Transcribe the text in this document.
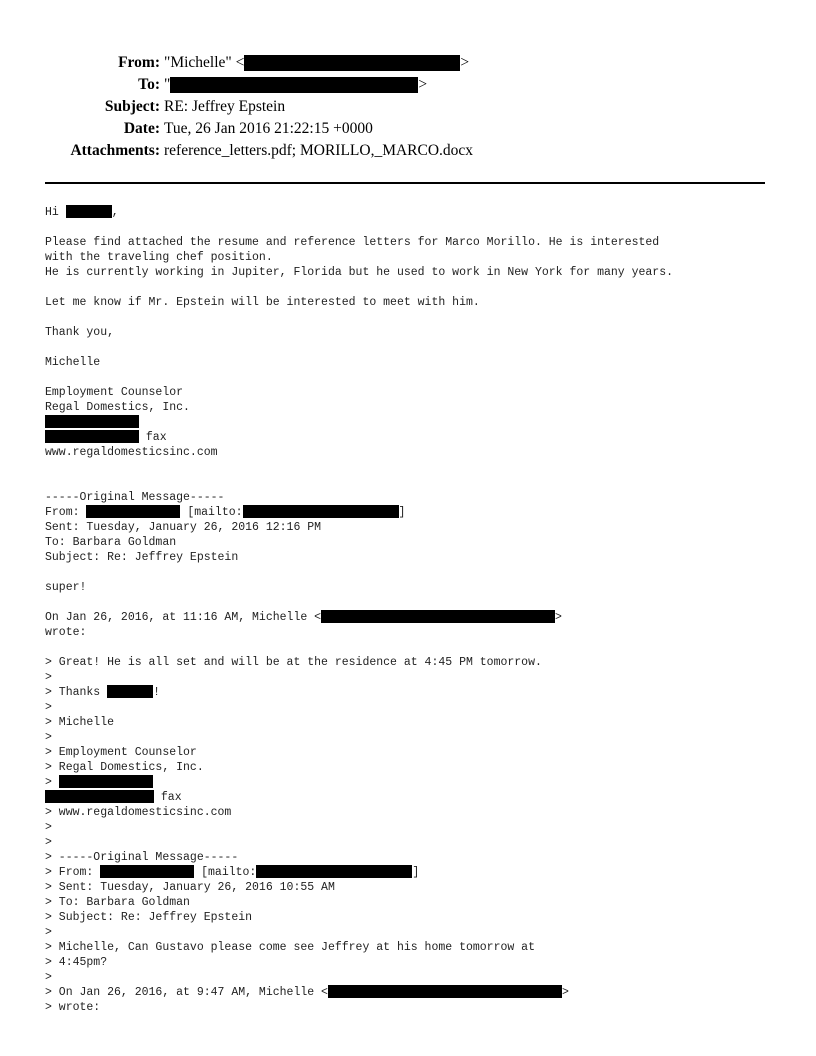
From: "Michelle" <	>
To: "	>
Subject: RE: Jeffrey Epstein
Date: Tue, 26 Jan 2016 21:22:15 +0000
Attachments: reference_letters.pdf; MORILLO,_MARCO.docx
Hi	,
Please find attached the resume and reference letters for Marco Morillo. He is interested
with the traveling chef position.
He is currently working in Jupiter, Florida but he used to work in New York for many years.
Let me know if Mr. Epstein will be interested to meet with him.
Thank you,
Michelle
Employment Counselor
Regal Domestics, Inc.
fax
www.regaldomesticsinc.com
-----Original Message-----
From:	[mailto:	]
Sent: Tuesday, January 26, 2016 12:16 PM
To: Barbara Goldman
Subject: Re: Jeffrey Epstein
super!
On Jan 26, 2016, at 11:16 AM, Michelle <	>
wrote:
> Great! He is all set and will be at the residence at 4:45 PM tomorrow.
>
> Thanks	!
>
> Michelle
>
> Employment Counselor
> Regal Domestics, Inc.
>
fax
> www.regaldomesticsinc.com
>
>
> -----Original Message-----
> From:	[mailto:	]
> Sent: Tuesday, January 26, 2016 10:55 AM
> To: Barbara Goldman
> Subject: Re: Jeffrey Epstein
>
> Michelle, Can Gustavo please come see Jeffrey at his home tomorrow at
> 4:45pm?
>
> On Jan 26, 2016, at 9:47 AM, Michelle <	>
> wrote:
